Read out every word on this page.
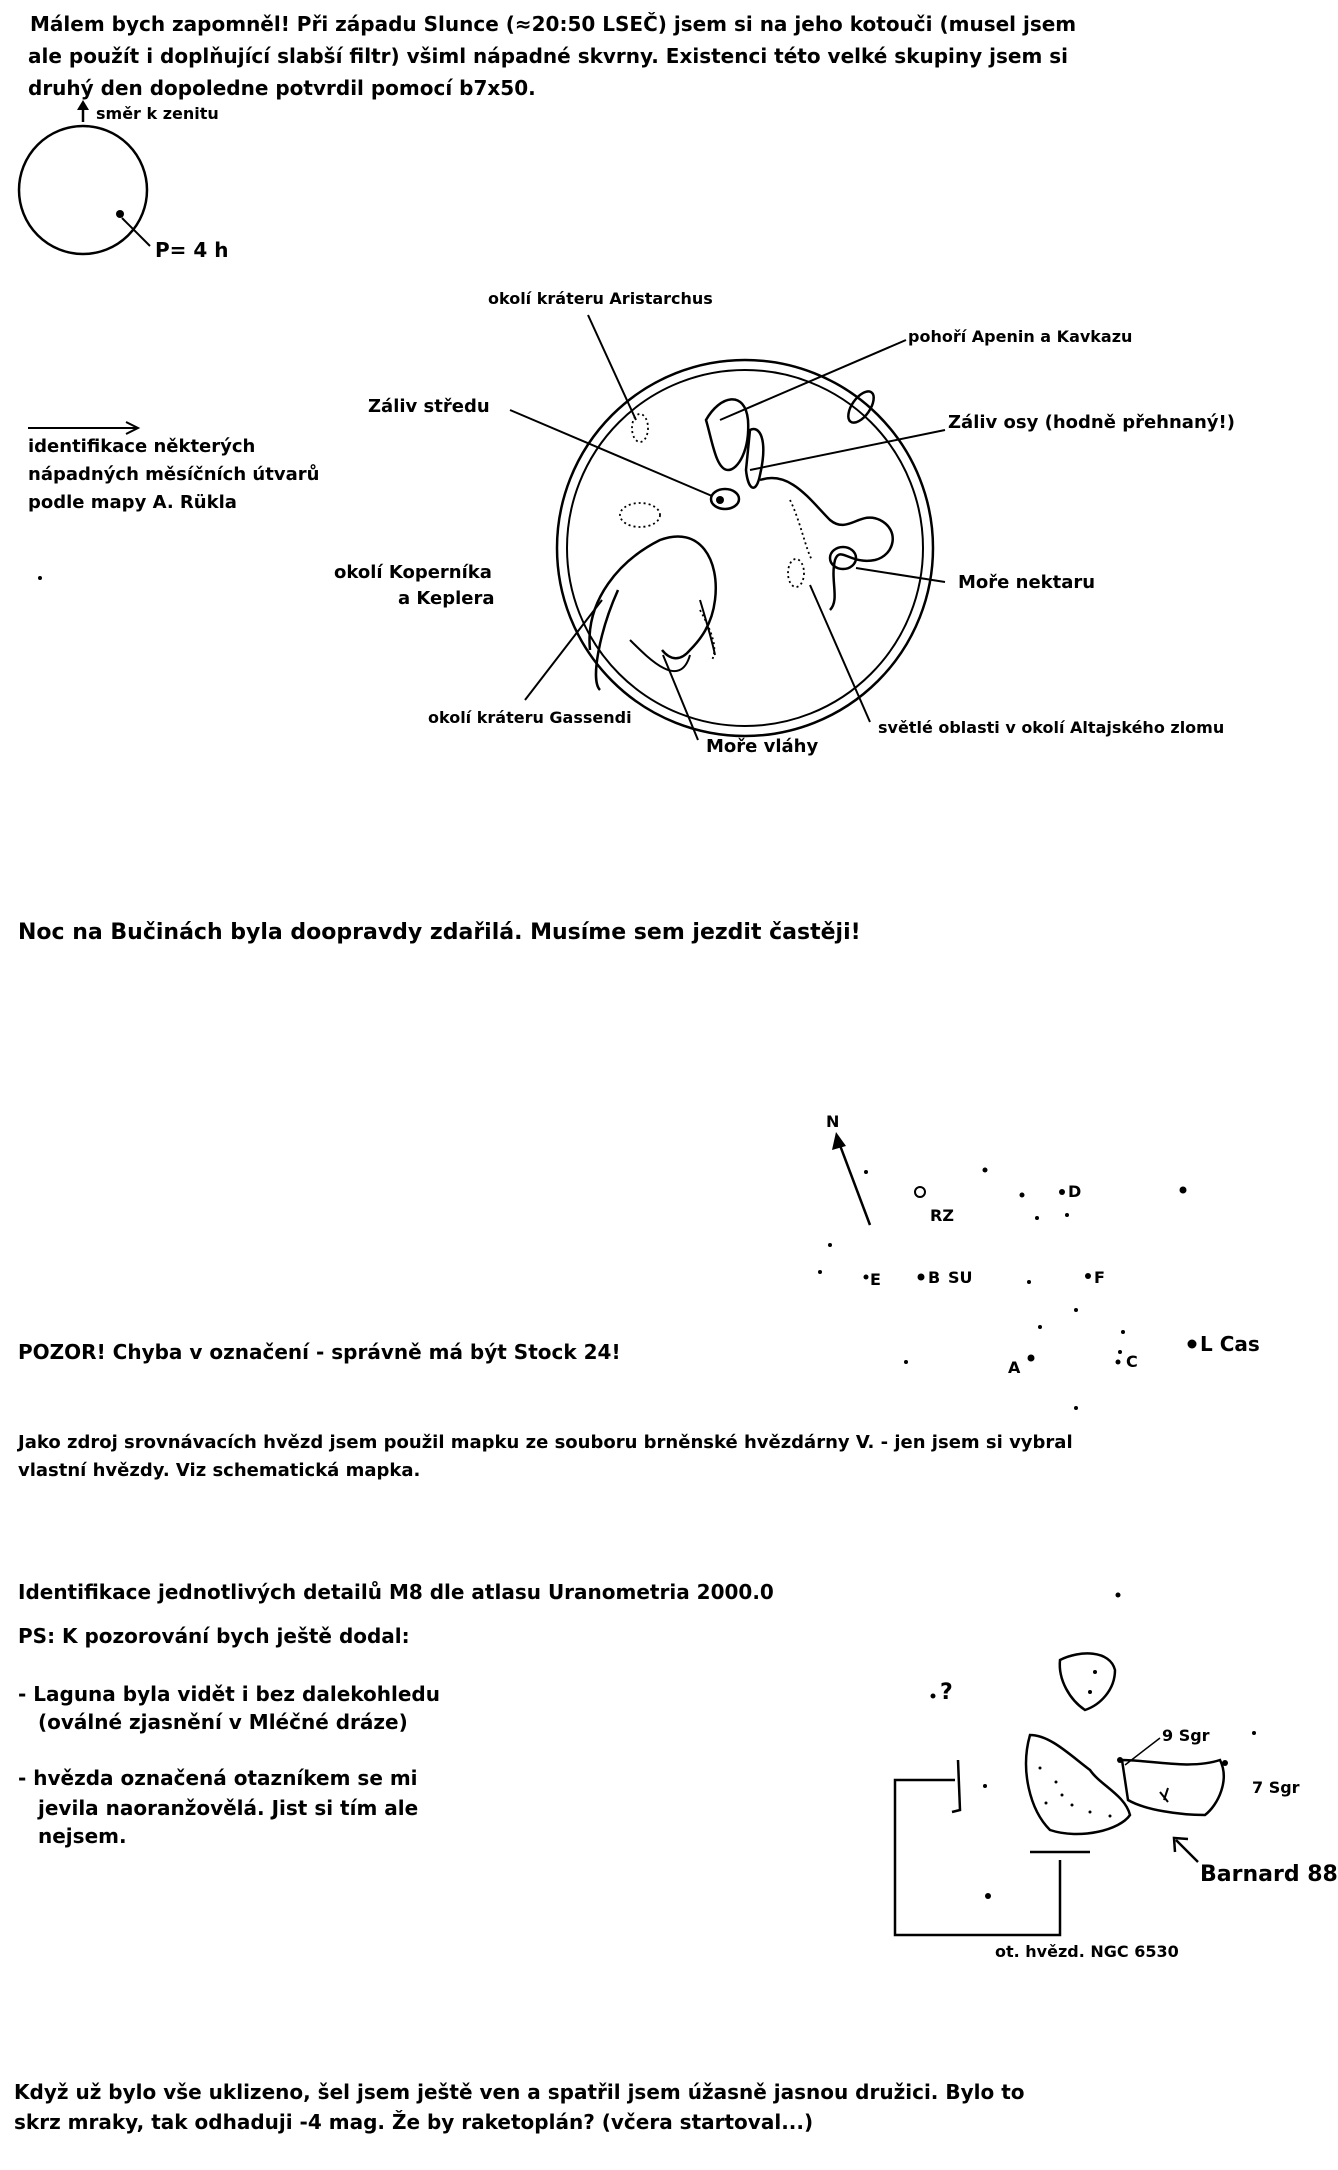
Málem bych zapomněl! Při západu Slunce (≈20:50 LSEČ) jsem si na jeho kotouči (musel jsem
ale použít i doplňující slabší filtr) všiml nápadné skvrny. Existenci této velké skupiny jsem si
druhý den dopoledne potvrdil pomocí b7x50.
směr k zenitu
P= 4 h
okolí kráteru Aristarchus
pohoří Apenin a Kavkazu
Záliv středu
Záliv osy (hodně přehnaný!)
identifikace některých
nápadných měsíčních útvarů
podle mapy A. Rükla
okolí Koperníka
a Keplera
Moře nektaru
okolí kráteru Gassendi
Moře vláhy
světlé oblasti v okolí Altajského zlomu
Noc na Bučinách byla doopravdy zdařilá. Musíme sem jezdit častěji!
N
RZ
D
E	B SU	F
L Cas
A	C
POZOR! Chyba v označení - správně má být Stock 24!
Jako zdroj srovnávacích hvězd jsem použil mapku ze souboru brněnské hvězdárny V. - jen jsem si vybral
vlastní hvězdy. Viz schematická mapka.
Identifikace jednotlivých detailů M8 dle atlasu Uranometria 2000.0
PS: K pozorování bych ještě dodal:
- Laguna byla vidět i bez dalekohledu
(oválné zjasnění v Mléčné dráze)
- hvězda označená otazníkem se mi
jevila naoranžovělá. Jist si tím ale
nejsem.
?
9 Sgr
7 Sgr
Barnard 88
ot. hvězd. NGC 6530
Když už bylo vše uklizeno, šel jsem ještě ven a spatřil jsem úžasně jasnou družici. Bylo to
skrz mraky, tak odhaduji -4 mag. Že by raketoplán? (včera startoval...)
